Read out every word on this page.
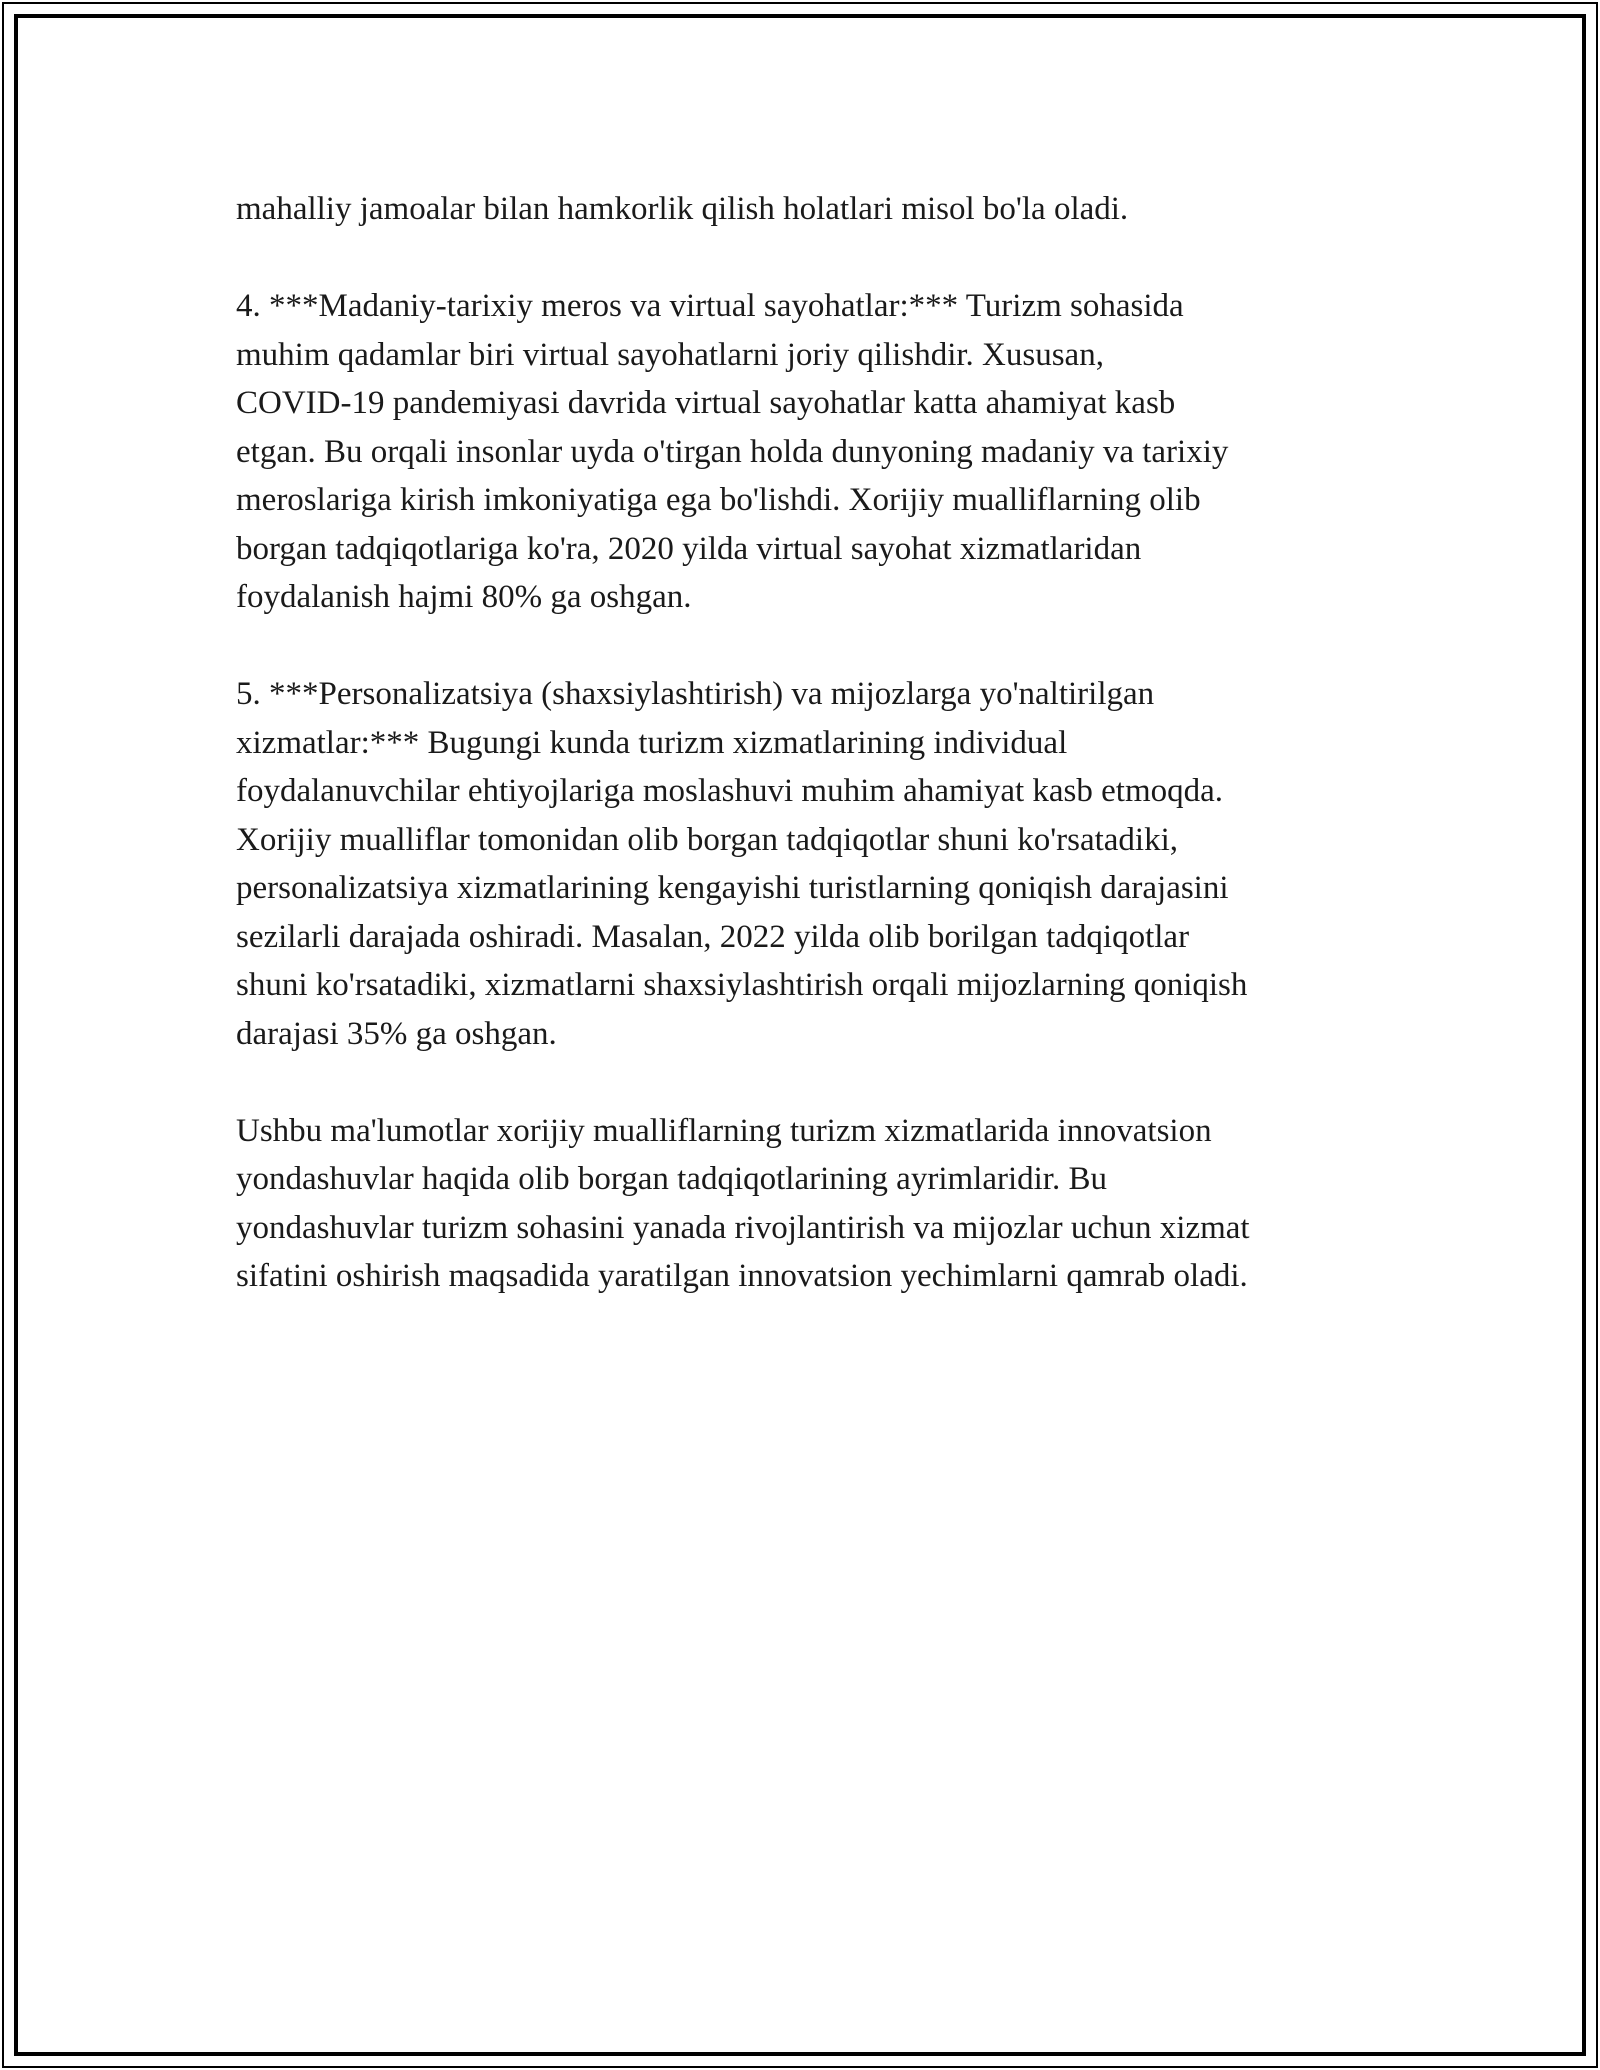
mahalliy jamoalar bilan hamkorlik qilish holatlari misol bo'la oladi.

4. ***Madaniy-tarixiy meros va virtual sayohatlar:*** Turizm sohasida
muhim qadamlar biri virtual sayohatlarni joriy qilishdir. Xususan,
COVID-19 pandemiyasi davrida virtual sayohatlar katta ahamiyat kasb
etgan. Bu orqali insonlar uyda o'tirgan holda dunyoning madaniy va tarixiy
meroslariga kirish imkoniyatiga ega bo'lishdi. Xorijiy mualliflarning olib
borgan tadqiqotlariga ko'ra, 2020 yilda virtual sayohat xizmatlaridan
foydalanish hajmi 80% ga oshgan.

5. ***Personalizatsiya (shaxsiylashtirish) va mijozlarga yo'naltirilgan
xizmatlar:*** Bugungi kunda turizm xizmatlarining individual
foydalanuvchilar ehtiyojlariga moslashuvi muhim ahamiyat kasb etmoqda.
Xorijiy mualliflar tomonidan olib borgan tadqiqotlar shuni ko'rsatadiki,
personalizatsiya xizmatlarining kengayishi turistlarning qoniqish darajasini
sezilarli darajada oshiradi. Masalan, 2022 yilda olib borilgan tadqiqotlar
shuni ko'rsatadiki, xizmatlarni shaxsiylashtirish orqali mijozlarning qoniqish
darajasi 35% ga oshgan.

Ushbu ma'lumotlar xorijiy mualliflarning turizm xizmatlarida innovatsion
yondashuvlar haqida olib borgan tadqiqotlarining ayrimlaridir. Bu
yondashuvlar turizm sohasini yanada rivojlantirish va mijozlar uchun xizmat
sifatini oshirish maqsadida yaratilgan innovatsion yechimlarni qamrab oladi.
